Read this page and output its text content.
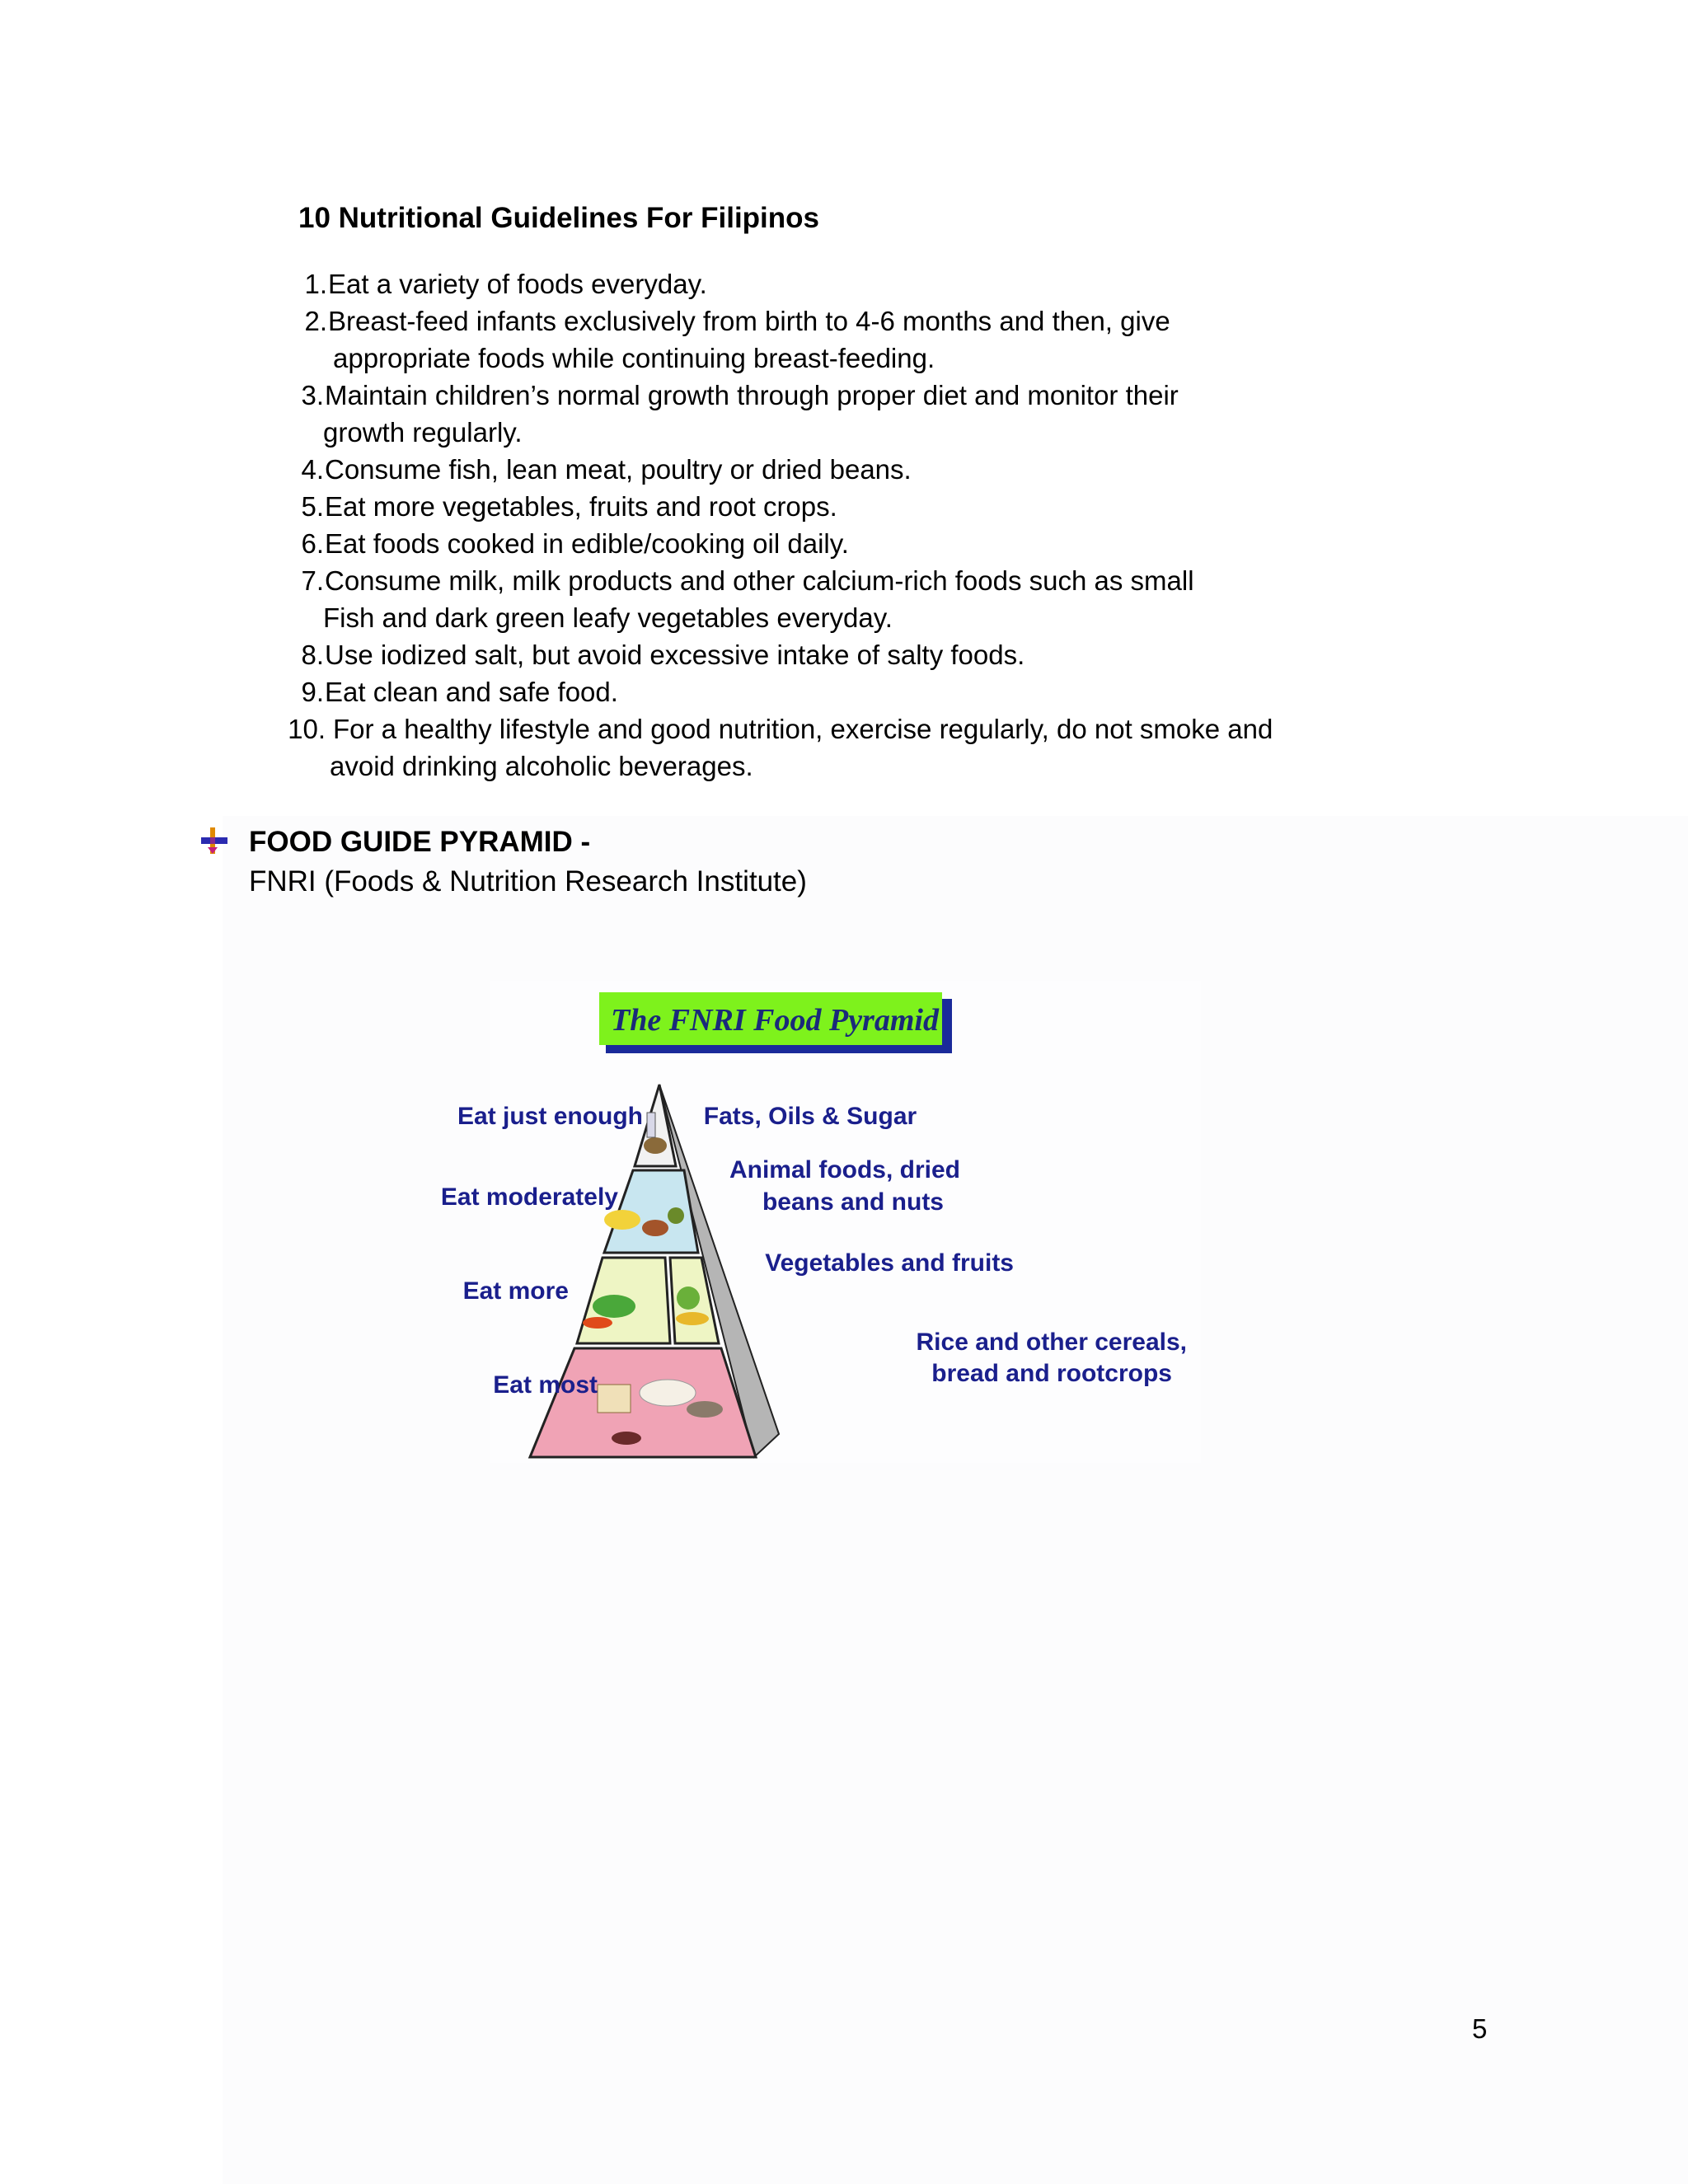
10 Nutritional Guidelines For Filipinos
1. Eat a variety of foods everyday.
2. Breast-feed infants exclusively from birth to 4-6 months and then, give
appropriate foods while continuing breast-feeding.
3. Maintain children’s normal growth through proper diet and monitor their
growth regularly.
4. Consume fish, lean meat, poultry or dried beans.
5. Eat more vegetables, fruits and root crops.
6. Eat foods cooked in edible/cooking oil daily.
7. Consume milk, milk products and other calcium-rich foods such as small
Fish and dark green leafy vegetables everyday.
8. Use iodized salt, but avoid excessive intake of salty foods.
9. Eat clean and safe food.
10. For a healthy lifestyle and good nutrition, exercise regularly, do not smoke and
avoid drinking alcoholic beverages.

FOOD GUIDE PYRAMID -

FNRI (Foods & Nutrition Research Institute)

The FNRI Food Pyramid
Eat just enough
Eat moderately
Eat more
Eat most
Fats, Oils & Sugar
Animal foods, dried
beans and nuts
Vegetables and fruits
Rice and other cereals,
bread and rootcrops
5
